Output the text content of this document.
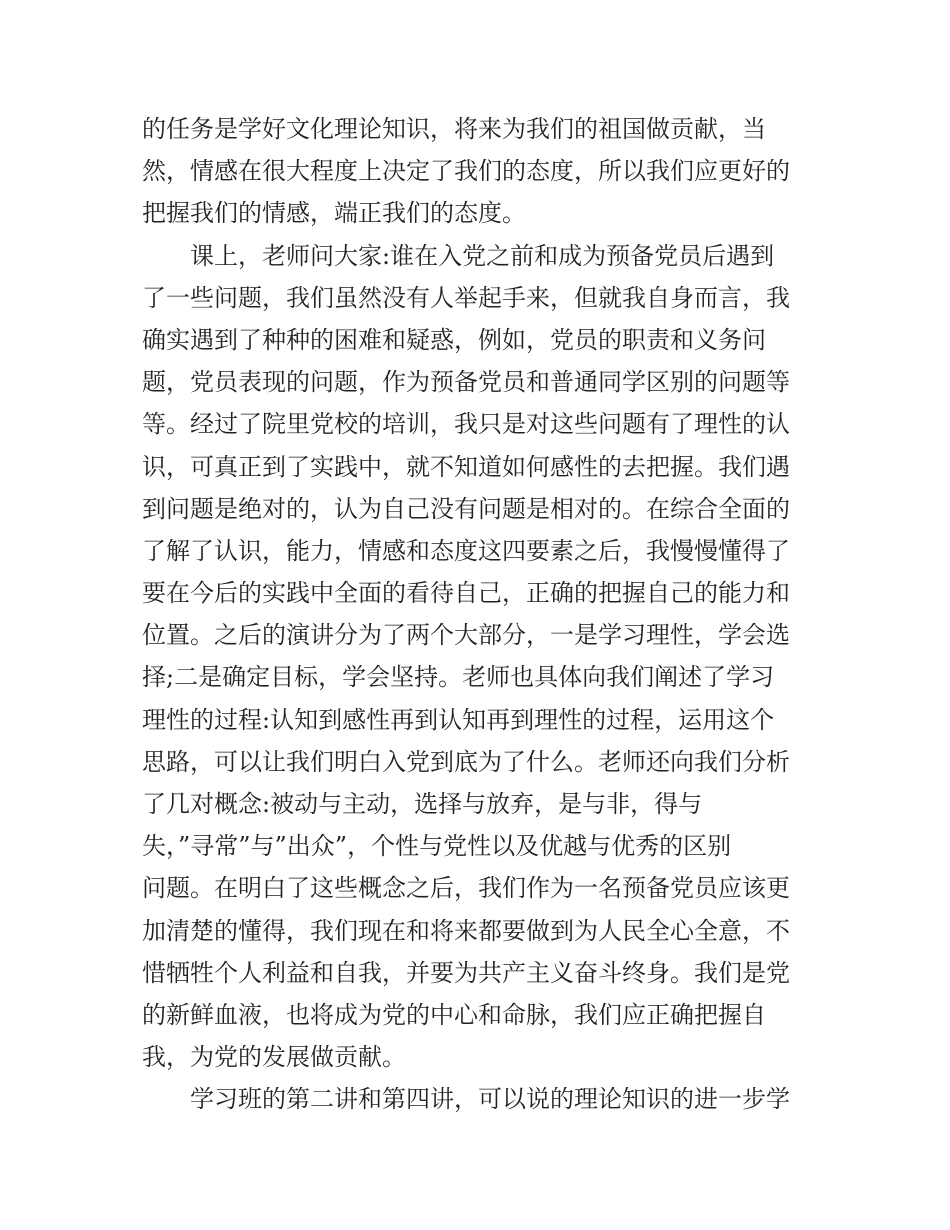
的任务是学好文化理论知识，将来为我们的祖国做贡献，当
然，情感在很大程度上决定了我们的态度，所以我们应更好的
把握我们的情感，端正我们的态度。
课上，老师问大家:谁在入党之前和成为预备党员后遇到
了一些问题，我们虽然没有人举起手来，但就我自身而言，我
确实遇到了种种的困难和疑惑，例如，党员的职责和义务问
题，党员表现的问题，作为预备党员和普通同学区别的问题等
等。经过了院里党校的培训，我只是对这些问题有了理性的认
识，可真正到了实践中，就不知道如何感性的去把握。我们遇
到问题是绝对的，认为自己没有问题是相对的。在综合全面的
了解了认识，能力，情感和态度这四要素之后，我慢慢懂得了
要在今后的实践中全面的看待自己，正确的把握自己的能力和
位置。之后的演讲分为了两个大部分，一是学习理性，学会选
择;二是确定目标，学会坚持。老师也具体向我们阐述了学习
理性的过程:认知到感性再到认知再到理性的过程，运用这个
思路，可以让我们明白入党到底为了什么。老师还向我们分析
了几对概念:被动与主动，选择与放弃，是与非，得与
失，”寻常”与”出众”，个性与党性以及优越与优秀的区别
问题。在明白了这些概念之后，我们作为一名预备党员应该更
加清楚的懂得，我们现在和将来都要做到为人民全心全意，不
惜牺牲个人利益和自我，并要为共产主义奋斗终身。我们是党
的新鲜血液，也将成为党的中心和命脉，我们应正确把握自
我，为党的发展做贡献。
学习班的第二讲和第四讲，可以说的理论知识的进一步学
